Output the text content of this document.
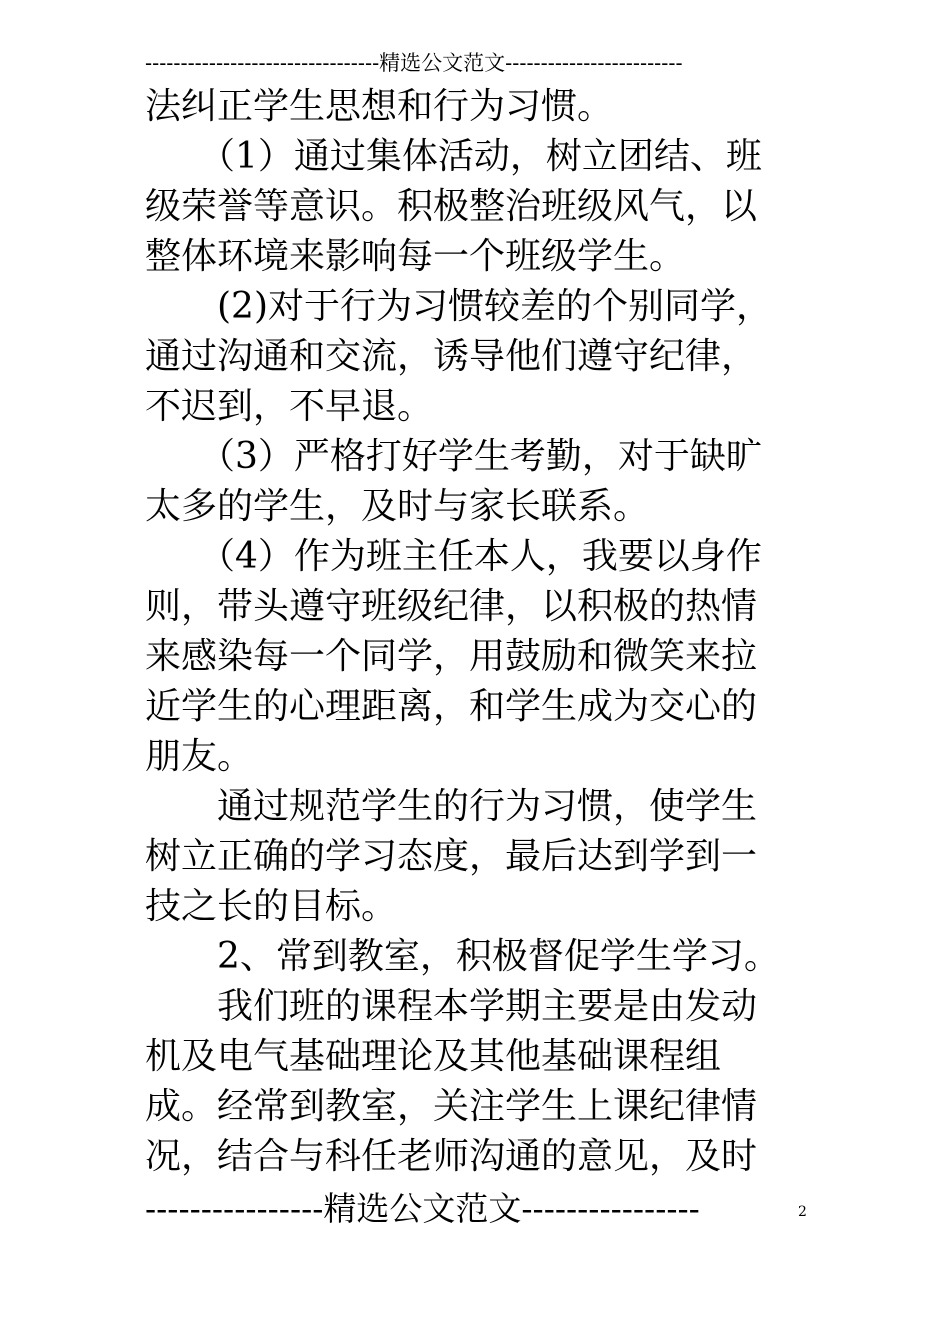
---------------------------------精选公文范文-------------------------
法纠正学生思想和行为习惯。
　　（1）通过集体活动，树立团结、班
级荣誉等意识。积极整治班级风气，以
整体环境来影响每一个班级学生。
　　(2)对于行为习惯较差的个别同学，
通过沟通和交流，诱导他们遵守纪律，
不迟到，不早退。
　　（3）严格打好学生考勤，对于缺旷
太多的学生，及时与家长联系。
　　（4）作为班主任本人，我要以身作
则，带头遵守班级纪律，以积极的热情
来感染每一个同学，用鼓励和微笑来拉
近学生的心理距离，和学生成为交心的
朋友。
　　通过规范学生的行为习惯，使学生
树立正确的学习态度，最后达到学到一
技之长的目标。
　　2、常到教室，积极督促学生学习。
　　我们班的课程本学期主要是由发动
机及电气基础理论及其他基础课程组
成。经常到教室，关注学生上课纪律情
况，结合与科任老师沟通的意见，及时
----------------精选公文范文----------------	2
